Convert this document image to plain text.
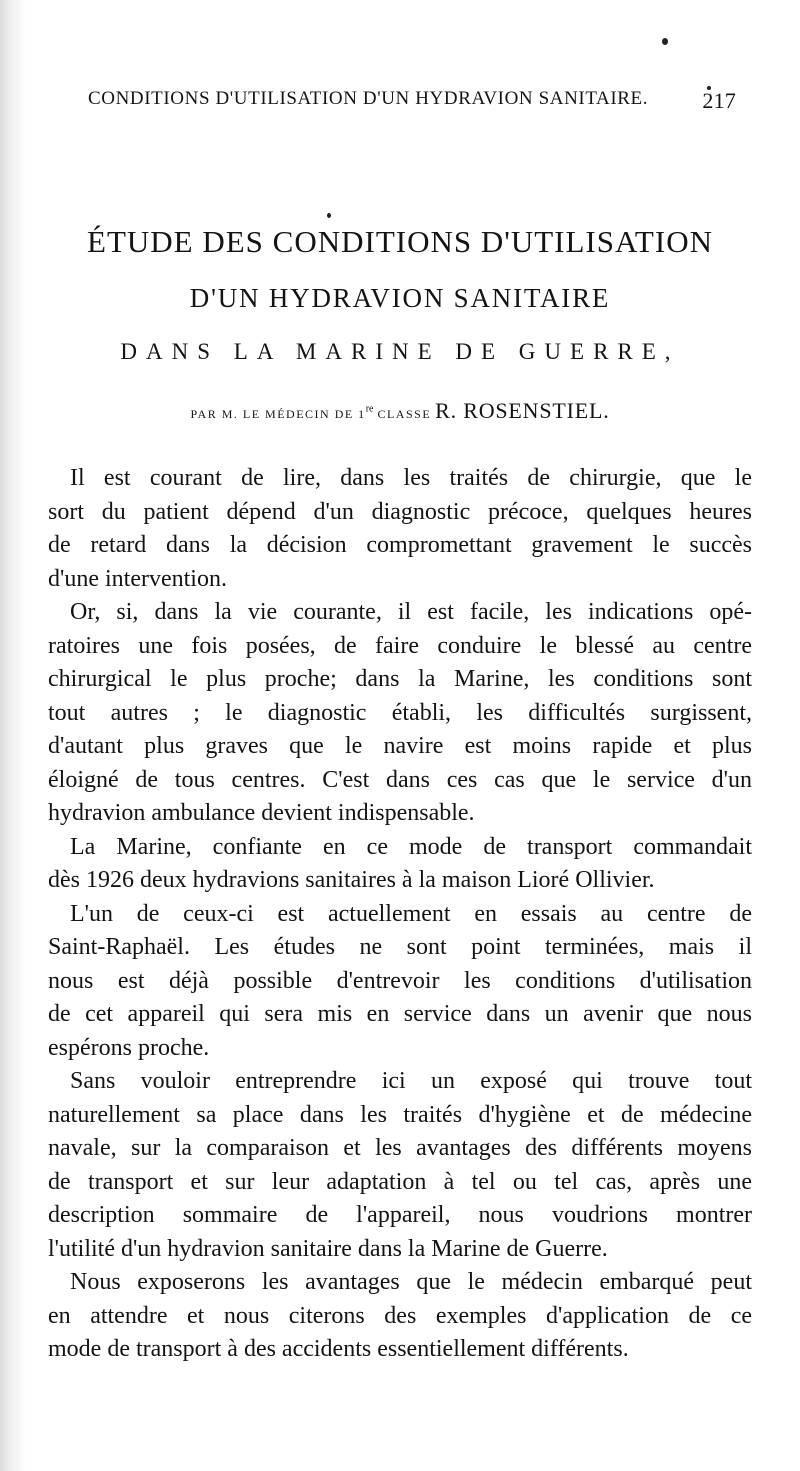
CONDITIONS D'UTILISATION D'UN HYDRAVION SANITAIRE. 217
ÉTUDE DES CONDITIONS D'UTILISATION
D'UN HYDRAVION SANITAIRE
DANS LA MARINE DE GUERRE,
PAR M. LE MÉDECIN DE 1re CLASSE R. ROSENSTIEL.
Il est courant de lire, dans les traités de chirurgie, que le
sort du patient dépend d'un diagnostic précoce, quelques heures
de retard dans la décision compromettant gravement le succès
d'une intervention.
Or, si, dans la vie courante, il est facile, les indications opé-
ratoires une fois posées, de faire conduire le blessé au centre
chirurgical le plus proche; dans la Marine, les conditions sont
tout autres ; le diagnostic établi, les difficultés surgissent,
d'autant plus graves que le navire est moins rapide et plus
éloigné de tous centres. C'est dans ces cas que le service d'un
hydravion ambulance devient indispensable.
La Marine, confiante en ce mode de transport commandait
dès 1926 deux hydravions sanitaires à la maison Lioré Ollivier.
L'un de ceux-ci est actuellement en essais au centre de
Saint-Raphaël. Les études ne sont point terminées, mais il
nous est déjà possible d'entrevoir les conditions d'utilisation
de cet appareil qui sera mis en service dans un avenir que nous
espérons proche.
Sans vouloir entreprendre ici un exposé qui trouve tout
naturellement sa place dans les traités d'hygiène et de médecine
navale, sur la comparaison et les avantages des différents moyens
de transport et sur leur adaptation à tel ou tel cas, après une
description sommaire de l'appareil, nous voudrions montrer
l'utilité d'un hydravion sanitaire dans la Marine de Guerre.
Nous exposerons les avantages que le médecin embarqué peut
en attendre et nous citerons des exemples d'application de ce
mode de transport à des accidents essentiellement différents.
